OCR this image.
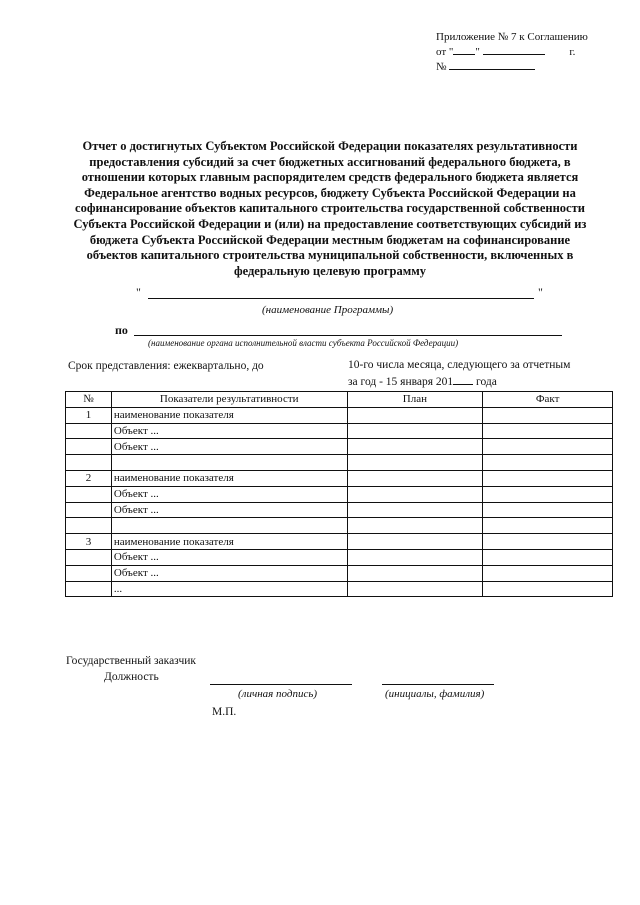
Приложение № 7 к Соглашению
от " "	г.
№
Отчет о достигнутых Субъектом Российской Федерации показателях результативности
предоставления субсидий за счет бюджетных ассигнований федерального бюджета, в
отношении которых главным распорядителем средств федерального бюджета является
Федеральное агентство водных ресурсов, бюджету Субъекта Российской Федерации на
софинансирование объектов капитального строительства государственной собственности
Субъекта Российской Федерации и (или) на предоставление соответствующих субсидий из
бюджета Субъекта Российской Федерации местным бюджетам на софинансирование
объектов капитального строительства муниципальной собственности, включенных в
федеральную целевую программу
"	"
(наименование Программы)
по
(наименование органа исполнительной власти субъекта Российской Федерации)
Срок представления: ежеквартально, до	10-го числа месяца, следующего за отчетным
за год - 15 января 201 года
№	Показатели результативности	План	Факт
1	наименование показателя		
	Объект ...		
	Объект ...		

2	наименование показателя		
	Объект ...		
	Объект ...		

3	наименование показателя		
	Объект ...		
	Объект ...		
	...		
Государственный заказчик
Должность
(личная подпись)	(инициалы, фамилия)
М.П.
